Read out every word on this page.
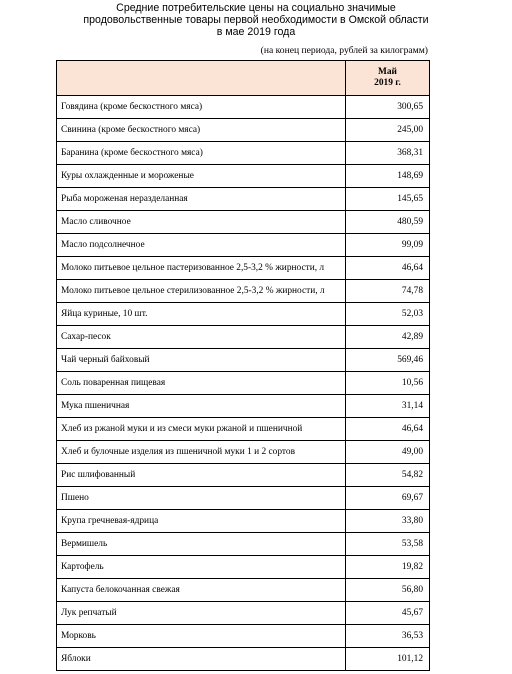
Средние потребительские цены на социально значимые
продовольственные товары первой необходимости в Омской области
в мае 2019 года
(на конец периода, рублей за килограмм)

	Май
2019 г.

Говядина (кроме бескостного мяса)	300,65
Свинина (кроме бескостного мяса)	245,00
Баранина (кроме бескостного мяса)	368,31
Куры охлажденные и мороженые	148,69
Рыба мороженая неразделанная	145,65
Масло сливочное	480,59
Масло подсолнечное	99,09
Молоко питьевое цельное пастеризованное 2,5-3,2 % жирности, л	46,64
Молоко питьевое цельное стерилизованное 2,5-3,2 % жирности, л	74,78
Яйца куриные, 10 шт.	52,03
Сахар-песок	42,89
Чай черный байховый	569,46
Соль поваренная пищевая	10,56
Мука пшеничная	31,14
Хлеб из ржаной муки и из смеси муки ржаной и пшеничной	46,64
Хлеб и булочные изделия из пшеничной муки 1 и 2 сортов	49,00
Рис шлифованный	54,82
Пшено	69,67
Крупа гречневая-ядрица	33,80
Вермишель	53,58
Картофель	19,82
Капуста белокочанная свежая	56,80
Лук репчатый	45,67
Морковь	36,53
Яблоки	101,12
